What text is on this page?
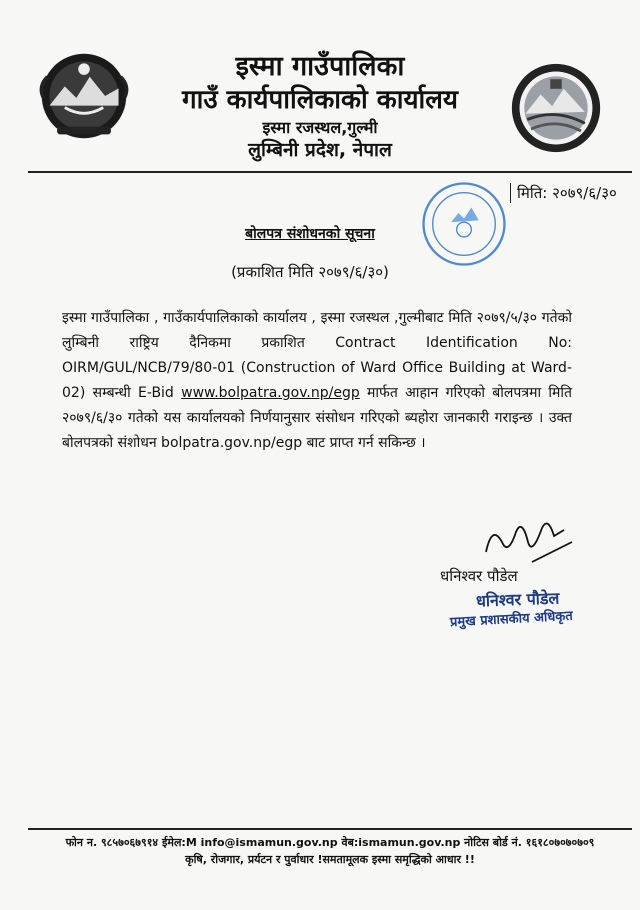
इस्मा गाउँपालिका
गाउँ कार्यपालिकाको कार्यालय
इस्मा रजस्थल,गुल्मी
लुम्बिनी प्रदेश, नेपाल
मिति: २०७९/६/३०
बोलपत्र संशोधनको सूचना
(प्रकाशित मिति २०७९/६/३०)
इस्मा गाउँपालिका , गाउँकार्यपालिकाको कार्यालय , इस्मा रजस्थल ,गुल्मीबाट मिति २०७९/५/३० गतेको लुम्बिनी राष्ट्रिय दैनिकमा प्रकाशित Contract Identification No: OIRM/GUL/NCB/79/80-01 (Construction of Ward Office Building at Ward-02) सम्बन्धी E-Bid www.bolpatra.gov.np/egp मार्फत आहान गरिएको बोलपत्रमा मिति २०७९/६/३० गतेको यस कार्यालयको निर्णयानुसार संसोधन गरिएको ब्यहोरा जानकारी गराइन्छ । उक्त बोलपत्रको संशोधन bolpatra.gov.np/egp बाट प्राप्त गर्न सकिन्छ ।
धनिश्वर पौडेल
धनिश्वर पौडेल
प्रमुख प्रशासकीय अधिकृत
फोन न. ९८५७०६७९१४ ईमेल:M info@ismamun.gov.np वेब:ismamun.gov.np नोटिस बोर्ड नं. १६१८०७०७०७०९
कृषि, रोजगार, प्रर्यटन र पुर्वाधार !समतामूलक इस्मा समृद्धिको आधार !!
